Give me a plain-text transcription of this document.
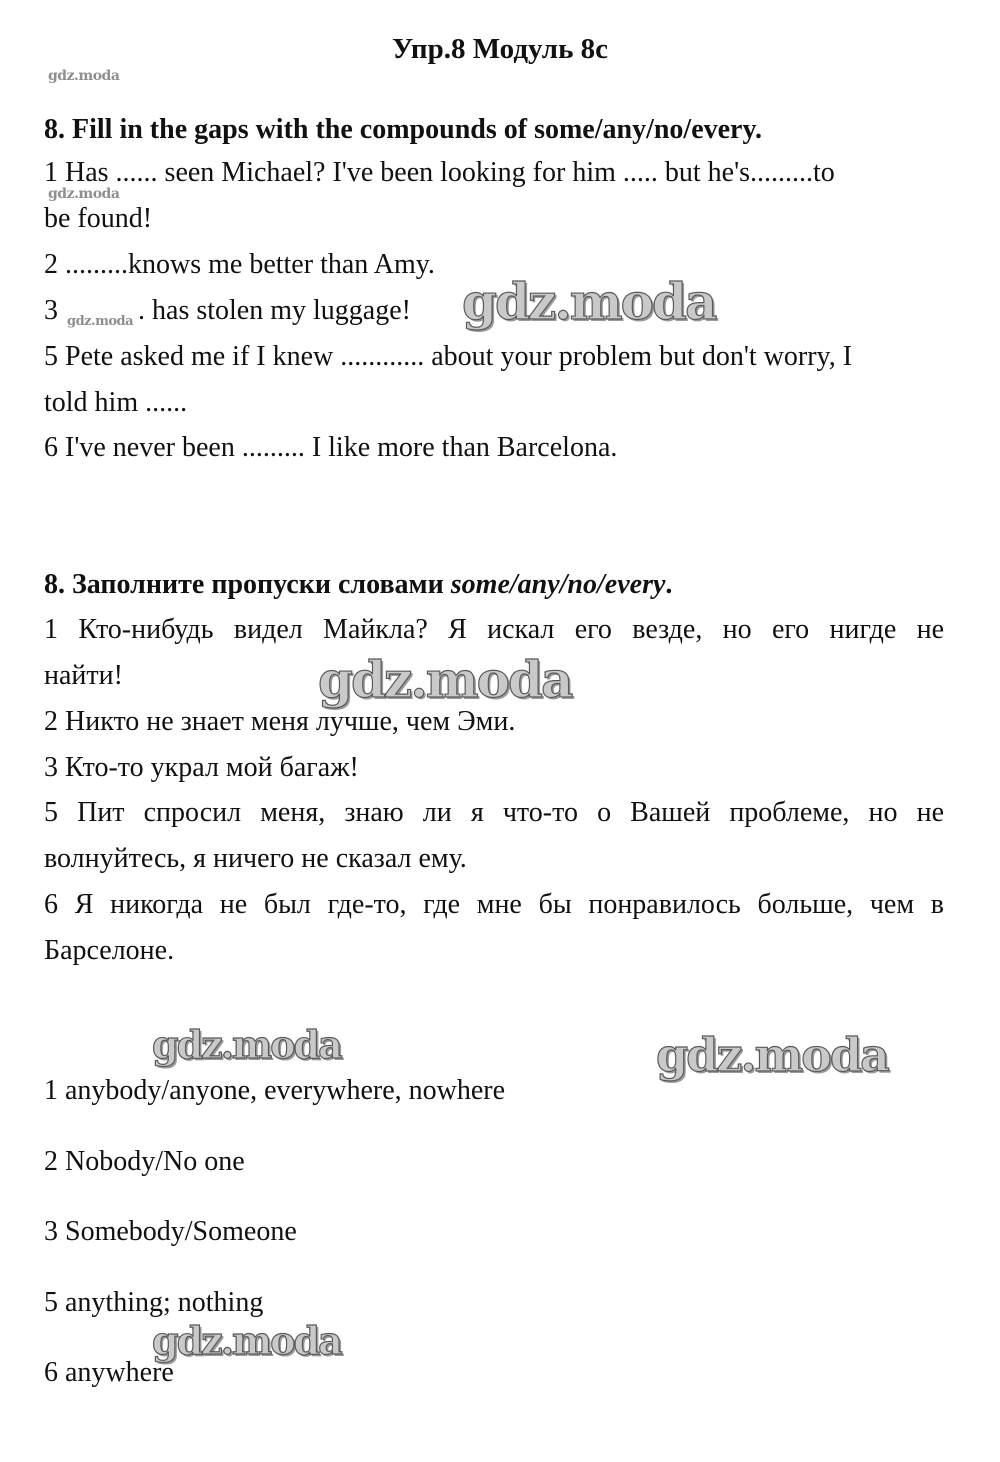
Упр.8 Модуль 8с
gdz.moda
gdz.moda
8. Fill in the gaps with the compounds of some/any/no/every.
1 Has ...... seen Michael? I've been looking for him ..... but he's.........to
be found!
2 .........knows me better than Amy.
3 $_{gdz.moda}$ . has stolen my luggage! gdz.moda
5 Pete asked me if I knew ............ about your problem but don't worry, I
told him ......
6 I've never been ......... I like more than Barcelona.
8. Заполните пропуски словами some/any/no/every.
1 Кто-нибудь видел Майкла? Я искал его везде, но его нигде не
найти!	gdz.moda
2 Никто не знает меня лучше, чем Эми.
3 Кто-то украл мой багаж!
5 Пит спросил меня, знаю ли я что-то о Вашей проблеме, но не
волнуйтесь, я ничего не сказал ему.
6 Я никогда не был где-то, где мне бы понравилось больше, чем в
Барселоне.
gdz.moda	gdz.moda
1 anybody/anyone, everywhere, nowhere
2 Nobody/No one
3 Somebody/Someone
5 anything; nothing
gdz.moda
6 anywhere
